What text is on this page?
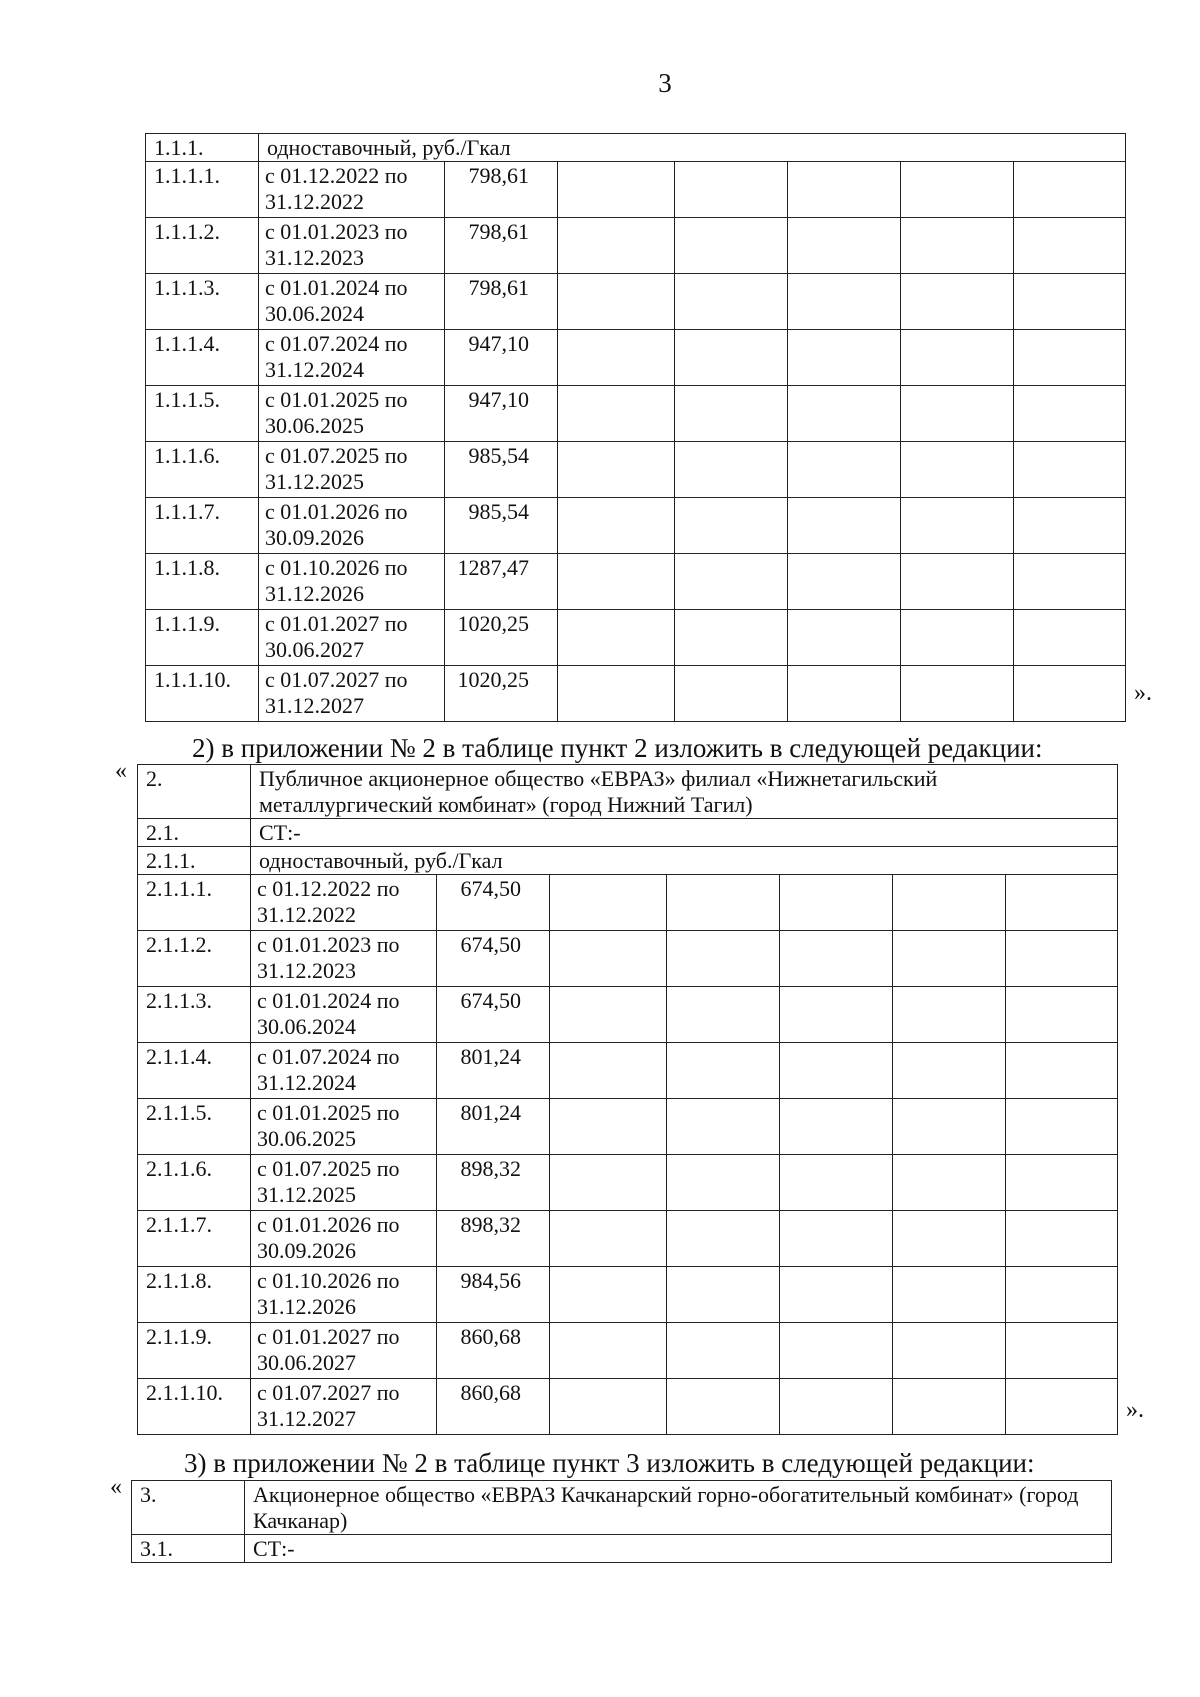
3
1.1.1.	одноставочный, руб./Гкал						
1.1.1.1.	с 01.12.2022 по 31.12.2022	798,61					
1.1.1.2.	с 01.01.2023 по 31.12.2023	798,61					
1.1.1.3.	с 01.01.2024 по 30.06.2024	798,61					
1.1.1.4.	с 01.07.2024 по 31.12.2024	947,10					
1.1.1.5.	с 01.01.2025 по 30.06.2025	947,10					
1.1.1.6.	с 01.07.2025 по 31.12.2025	985,54					
1.1.1.7.	с 01.01.2026 по 30.09.2026	985,54					
1.1.1.8.	с 01.10.2026 по 31.12.2026	1287,47					
1.1.1.9.	с 01.01.2027 по 30.06.2027	1020,25					
1.1.1.10.	с 01.07.2027 по 31.12.2027	1020,25					
».
2) в приложении № 2 в таблице пункт 2 изложить в следующей редакции:
« 2.	Публичное акционерное общество «ЕВРАЗ» филиал «Нижнетагильский металлургический комбинат» (город Нижний Тагил)						
2.1.	СТ:-						
2.1.1.	одноставочный, руб./Гкал						
2.1.1.1.	с 01.12.2022 по 31.12.2022	674,50					
2.1.1.2.	с 01.01.2023 по 31.12.2023	674,50					
2.1.1.3.	с 01.01.2024 по 30.06.2024	674,50					
2.1.1.4.	с 01.07.2024 по 31.12.2024	801,24					
2.1.1.5.	с 01.01.2025 по 30.06.2025	801,24					
2.1.1.6.	с 01.07.2025 по 31.12.2025	898,32					
2.1.1.7.	с 01.01.2026 по 30.09.2026	898,32					
2.1.1.8.	с 01.10.2026 по 31.12.2026	984,56					
2.1.1.9.	с 01.01.2027 по 30.06.2027	860,68					
2.1.1.10.	с 01.07.2027 по 31.12.2027	860,68					
».
3) в приложении № 2 в таблице пункт 3 изложить в следующей редакции:
« 3.	Акционерное общество «ЕВРАЗ Качканарский горно-обогатительный комбинат» (город Качканар)
3.1.	СТ:-
